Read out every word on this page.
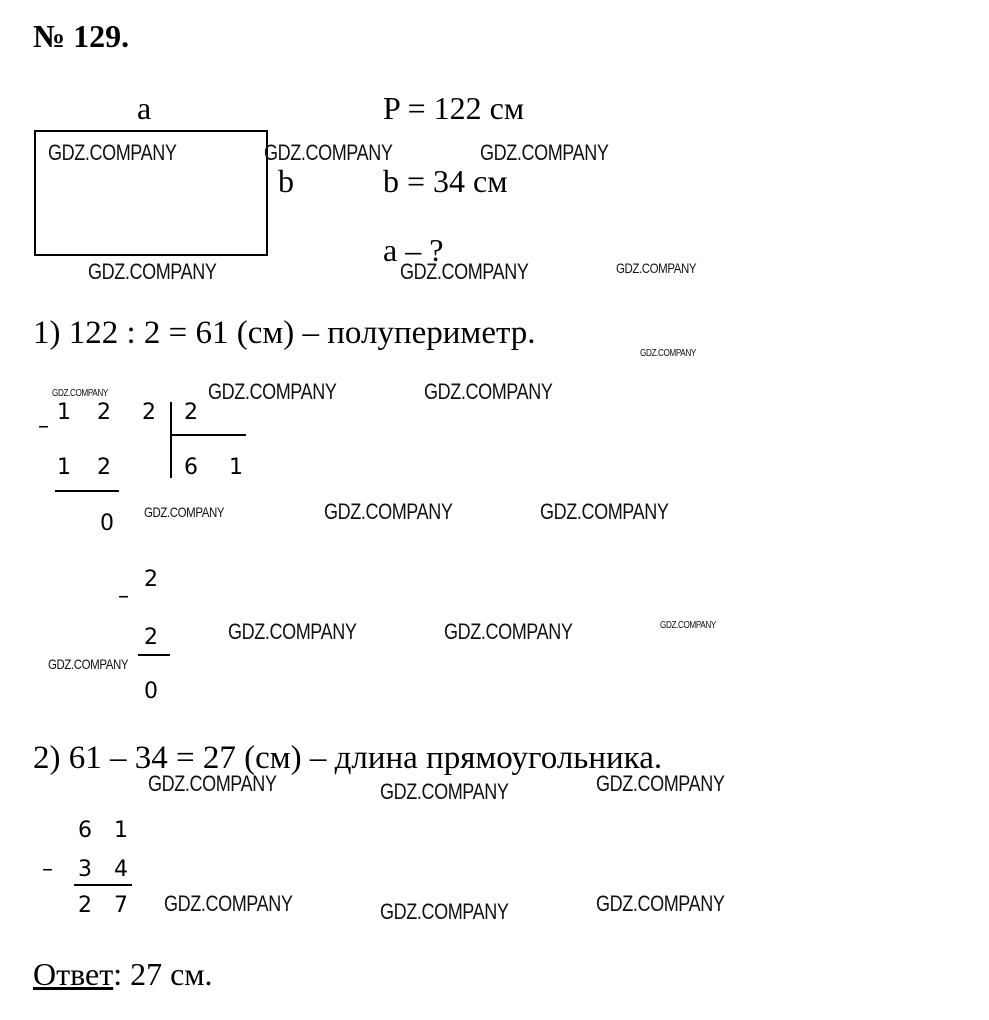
№ 129.
a
b
P = 122 см
b = 34 см
a – ?
1) 122 : 2 = 61 (см) – полупериметр.
1 2 2 2
–
1 2	6 1
0
2
–
2
0
2) 61 – 34 = 27 (см) – длина прямоугольника.
6 1
– 3 4
2 7
Ответ: 27 см.
GDZ.COMPANY	GDZ.COMPANY	GDZ.COMPANY
GDZ.COMPANY	GDZ.COMPANY	GDZ.COMPANY
GDZ.COMPANY
GDZ.COMPANY	GDZ.COMPANY	GDZ.COMPANY
GDZ.COMPANY	GDZ.COMPANY	GDZ.COMPANY
GDZ.COMPANY	GDZ.COMPANY	GDZ.COMPANY
GDZ.COMPANY
GDZ.COMPANY	GDZ.COMPANY	GDZ.COMPANY
GDZ.COMPANY	GDZ.COMPANY	GDZ.COMPANY
